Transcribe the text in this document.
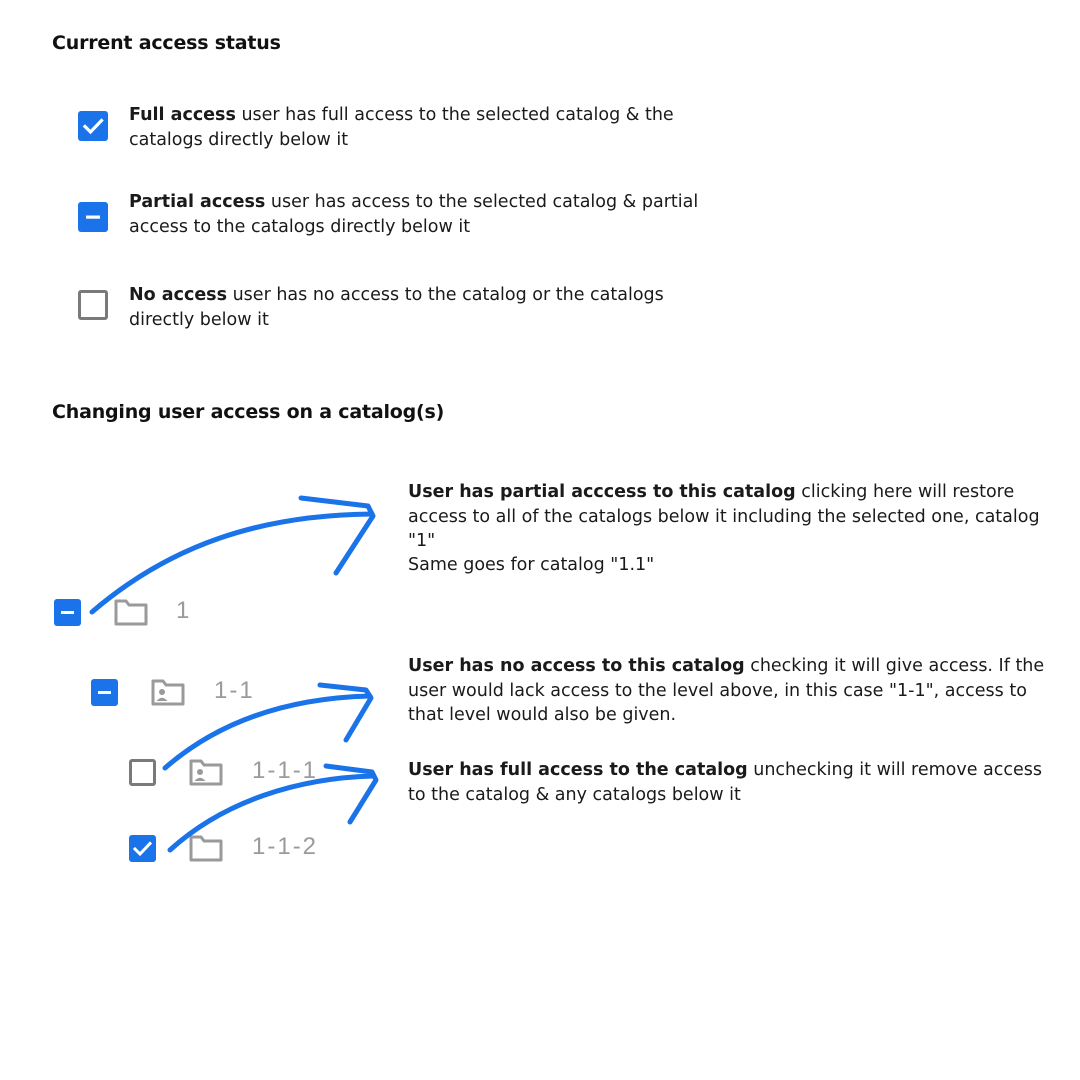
Current access status
Full access user has full access to the selected catalog & the catalogs directly below it
Partial access user has access to the selected catalog & partial access to the catalogs directly below it
No access user has no access to the catalog or the catalogs directly below it
Changing user access on a catalog(s)
1
1-1
1-1-1
1-1-2
User has partial acccess to this catalog clicking here will restore access to all of the catalogs below it including the selected one, catalog "1"
Same goes for catalog "1.1"
User has no access to this catalog checking it will give access. If the user would lack access to the level above, in this case "1-1", access to that level would also be given.
User has full access to the catalog unchecking it will remove access to the catalog & any catalogs below it
